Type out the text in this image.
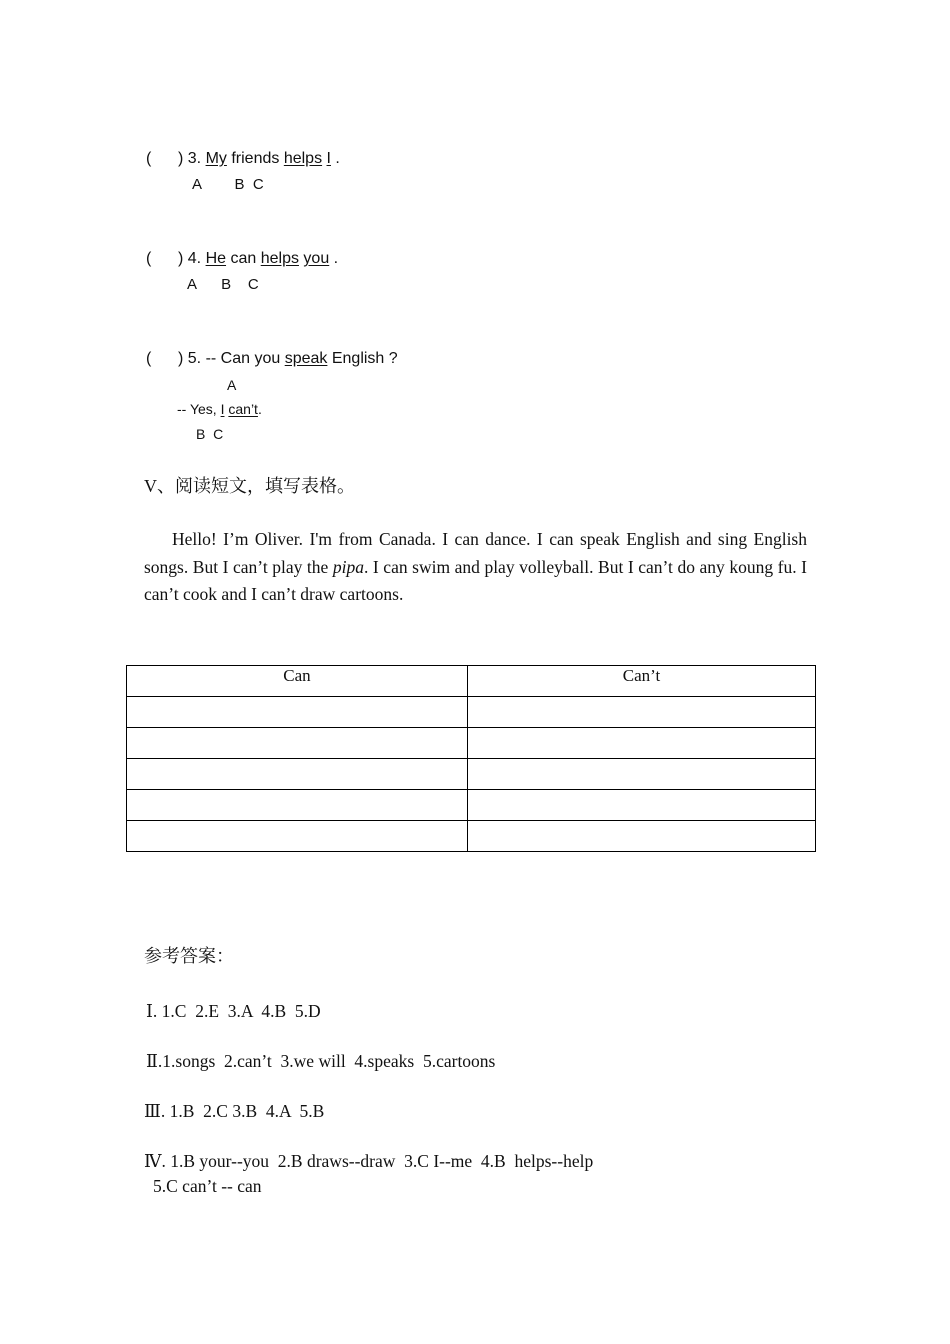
(      ) 3. My friends helps I .
A        B  C
(      ) 4. He can helps you .
A      B    C
(      ) 5. -- Can you speak English ?
A
-- Yes, I can’t.
B  C
V、阅读短文，填写表格。
Hello! I’m Oliver. I'm from Canada. I can dance. I can speak English and sing English songs. But I can’t play the pipa. I can swim and play volleyball. But I can’t do any koung fu. I can’t cook and I can’t draw cartoons.
Can	Can’t

参考答案：
Ⅰ. 1.C  2.E  3.A  4.B  5.D
Ⅱ.1.songs  2.can’t  3.we will  4.speaks  5.cartoons
Ⅲ. 1.B  2.C 3.B  4.A  5.B
Ⅳ. 1.B your--you  2.B draws--draw  3.C I--me  4.B  helps--help
5.C can’t -- can
